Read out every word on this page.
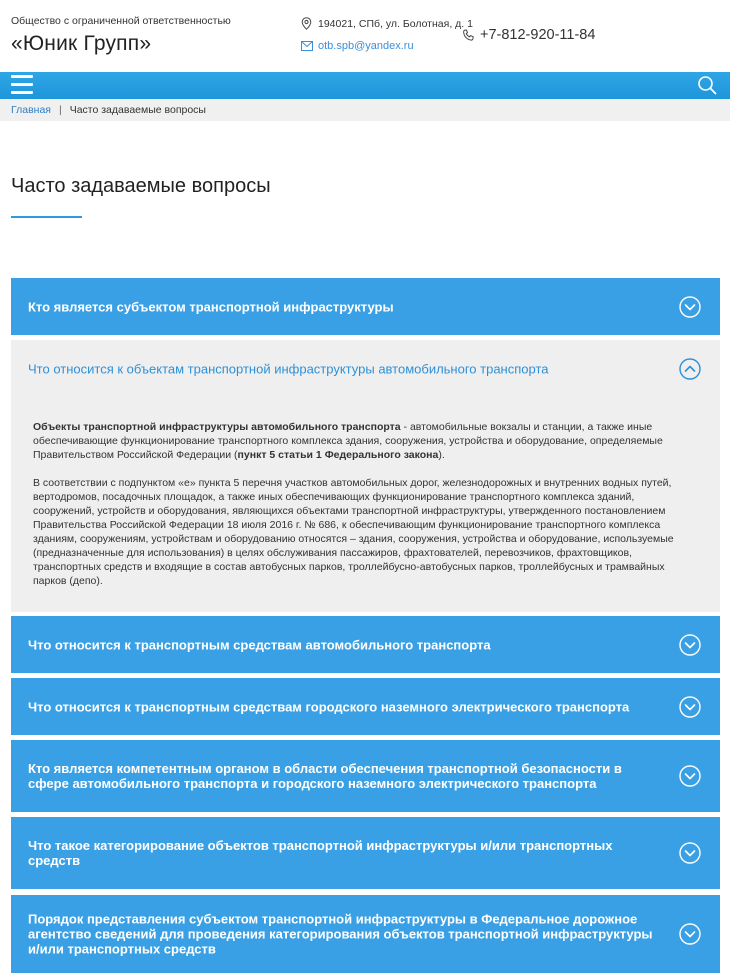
Общество с ограниченной ответственностью
«Юник Групп»
194021, СПб, ул. Болотная, д. 1
otb.spb@yandex.ru
+7-812-920-11-84
Главная | Часто задаваемые вопросы
Часто задаваемые вопросы
Кто является субъектом транспортной инфраструктуры
Что относится к объектам транспортной инфраструктуры автомобильного транспорта

Объекты транспортной инфраструктуры автомобильного транспорта - автомобильные вокзалы и станции, а также иные обеспечивающие функционирование транспортного комплекса здания, сооружения, устройства и оборудование, определяемые Правительством Российской Федерации (пункт 5 статьи 1 Федерального закона).

В соответствии с подпунктом «е» пункта 5 перечня участков автомобильных дорог, железнодорожных и внутренних водных путей, вертодромов, посадочных площадок, а также иных обеспечивающих функционирование транспортного комплекса зданий, сооружений, устройств и оборудования, являющихся объектами транспортной инфраструктуры, утвержденного постановлением Правительства Российской Федерации 18 июля 2016 г. № 686, к обеспечивающим функционирование транспортного комплекса зданиям, сооружениям, устройствам и оборудованию относятся – здания, сооружения, устройства и оборудование, используемые (предназначенные для использования) в целях обслуживания пассажиров, фрахтователей, перевозчиков, фрахтовщиков, транспортных средств и входящие в состав автобусных парков, троллейбусно-автобусных парков, троллейбусных и трамвайных парков (депо).

Что относится к транспортным средствам автомобильного транспорта
Что относится к транспортным средствам городского наземного электрического транспорта
Кто является компетентным органом в области обеспечения транспортной безопасности в сфере автомобильного транспорта и городского наземного электрического транспорта
Что такое категорирование объектов транспортной инфраструктуры и/или транспортных средств
Порядок представления субъектом транспортной инфраструктуры в Федеральное дорожное агентство сведений для проведения категорирования объектов транспортной инфраструктуры и/или транспортных средств
